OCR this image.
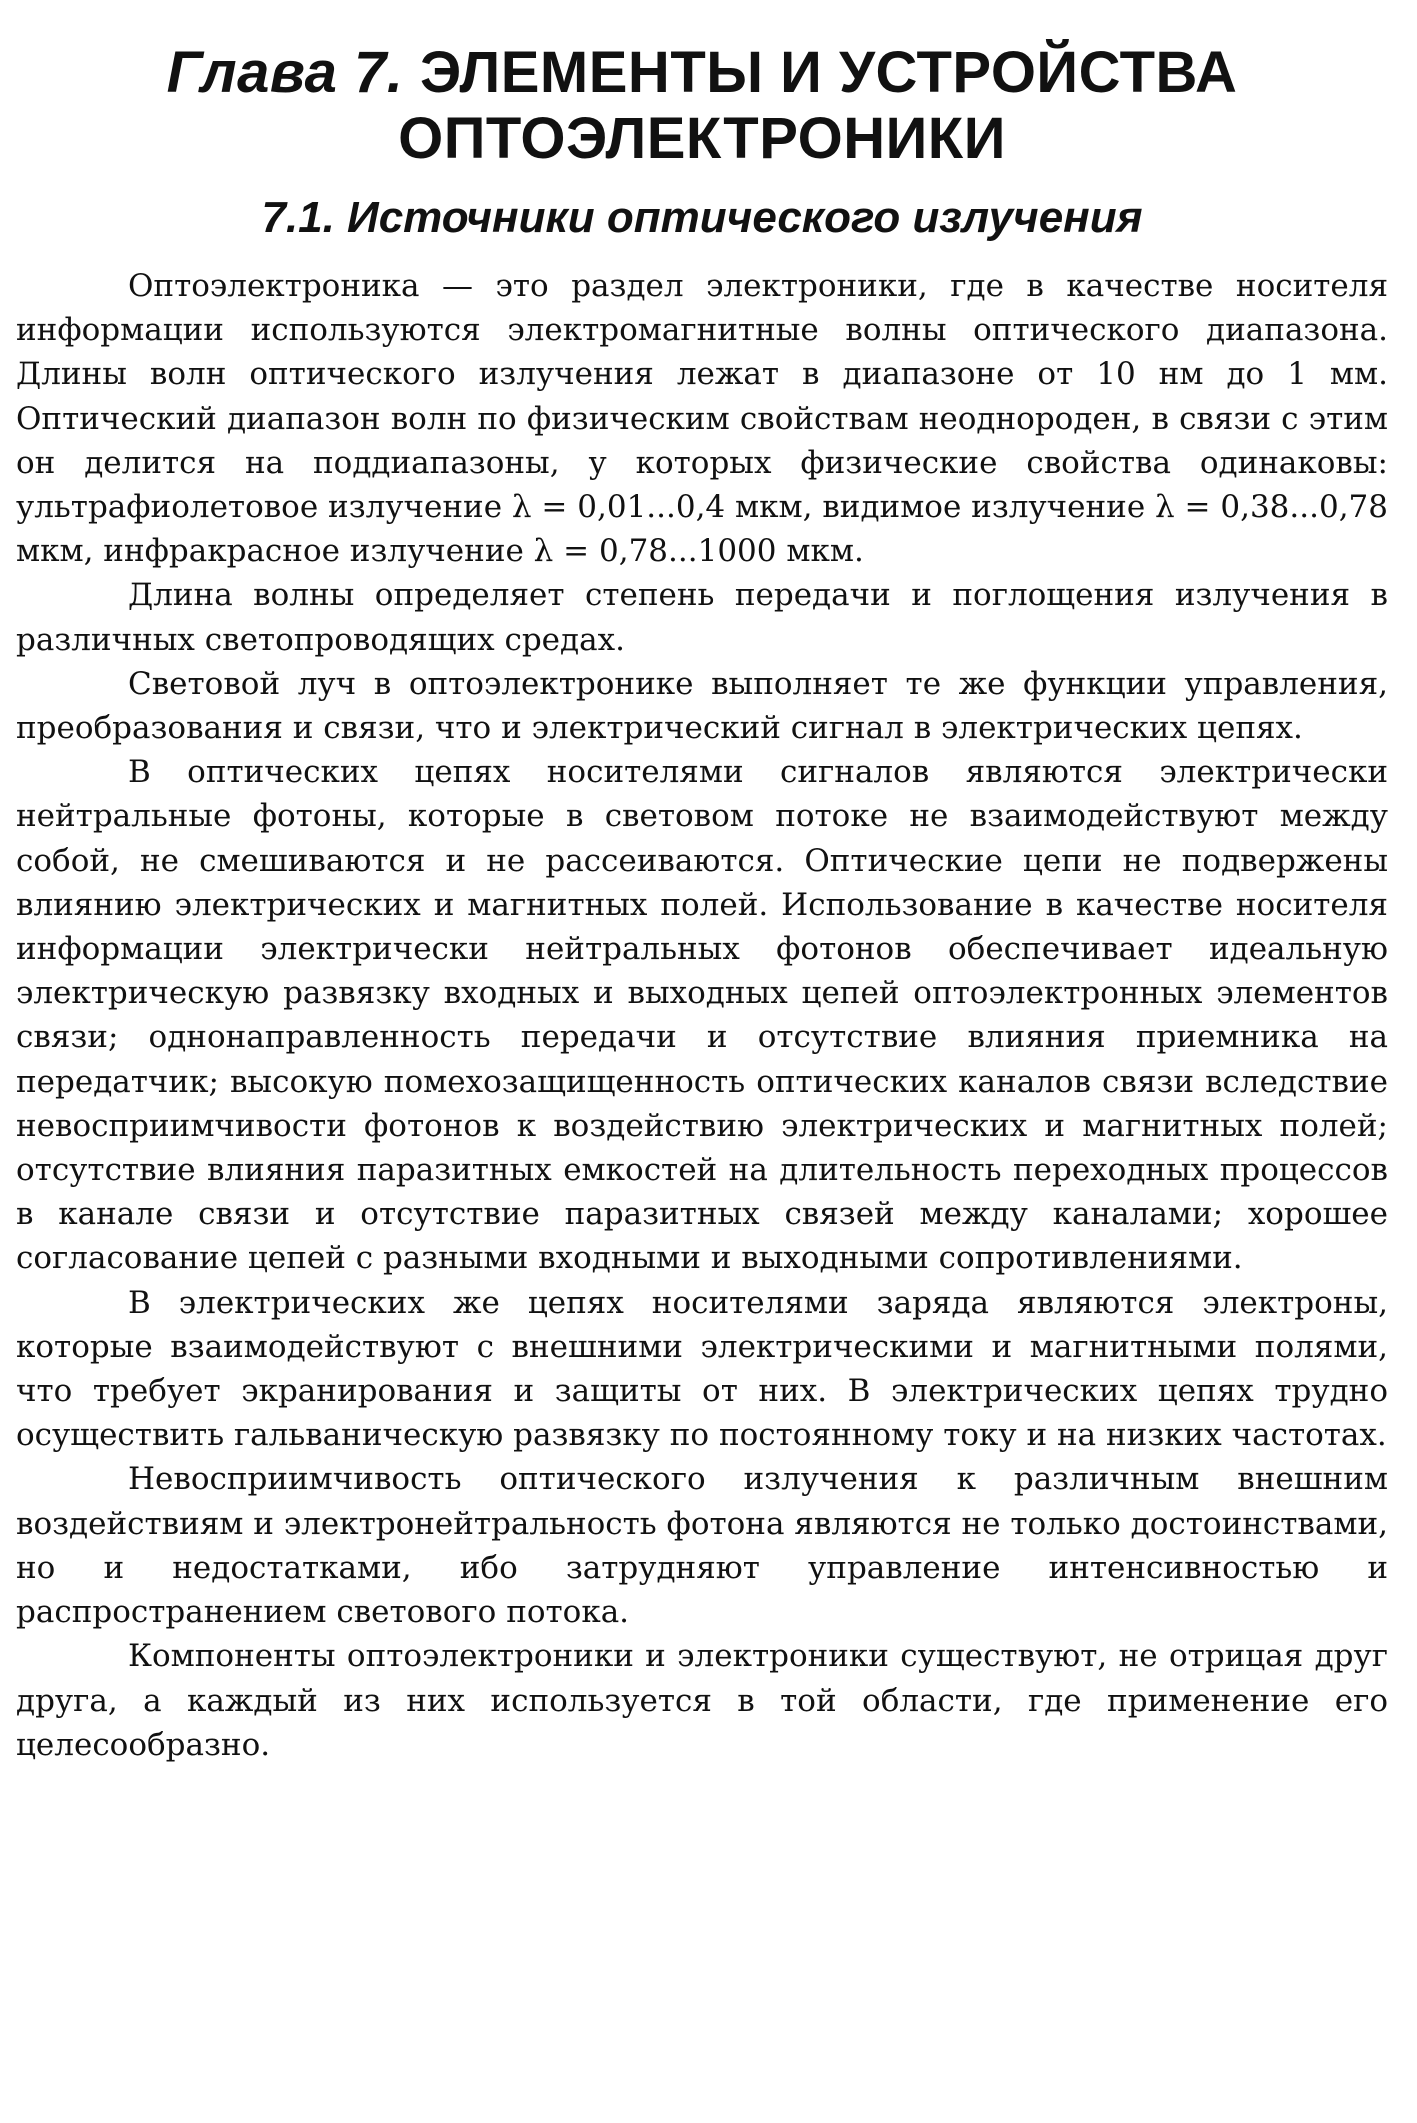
Глава 7. ЭЛЕМЕНТЫ И УСТРОЙСТВА
ОПТОЭЛЕКТРОНИКИ
7.1. Источники оптического излучения

Оптоэлектроника — это раздел электроники, где в качестве носителя информации используются электромагнитные волны оптического диапазона. Длины волн оптического излучения лежат в диапазоне от 10 нм до 1 мм. Оптический диапазон волн по физическим свойствам неоднороден, в связи с этим он делится на поддиапазоны, у которых физические свойства одинаковы: ультрафиолетовое излучение λ = 0,01...0,4 мкм, видимое излучение λ = 0,38...0,78 мкм, инфракрасное излучение λ = 0,78...1000 мкм.

Длина волны определяет степень передачи и поглощения излучения в различных светопроводящих средах.

Световой луч в оптоэлектронике выполняет те же функции управления, преобразования и связи, что и электрический сигнал в электрических цепях.

В оптических цепях носителями сигналов являются электрически нейтральные фотоны, которые в световом потоке не взаимодействуют между собой, не смешиваются и не рассеиваются. Оптические цепи не подвержены влиянию электрических и магнитных полей. Использование в качестве носителя информации электрически нейтральных фотонов обеспечивает идеальную электрическую развязку входных и выходных цепей оптоэлектронных элементов связи; однонаправленность передачи и отсутствие влияния приемника на передатчик; высокую помехозащищенность оптических каналов связи вследствие невосприимчивости фотонов к воздействию электрических и магнитных полей; отсутствие влияния паразитных емкостей на длительность переходных процессов в канале связи и отсутствие паразитных связей между каналами; хорошее согласование цепей с разными входными и выходными сопротивлениями.

В электрических же цепях носителями заряда являются электроны, которые взаимодействуют с внешними электрическими и магнитными полями, что требует экранирования и защиты от них. В электрических цепях трудно осуществить гальваническую развязку по постоянному току и на низких частотах.

Невосприимчивость оптического излучения к различным внешним воздействиям и электронейтральность фотона являются не только достоинствами, но и недостатками, ибо затрудняют управление интенсивностью и распространением светового потока.

Компоненты оптоэлектроники и электроники существуют, не отрицая друг друга, а каждый из них используется в той области, где применение его целесообразно.
